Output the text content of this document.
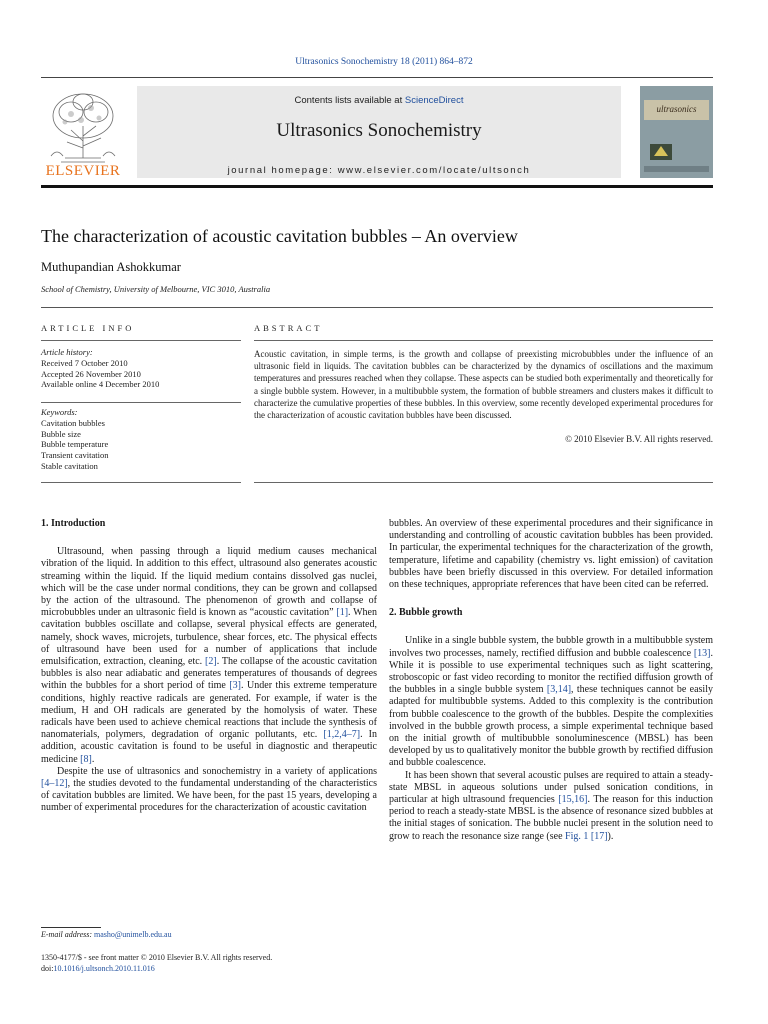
Ultrasonics Sonochemistry 18 (2011) 864–872
ELSEVIER
Contents lists available at ScienceDirect
Ultrasonics Sonochemistry
journal homepage: www.elsevier.com/locate/ultsonch
ultrasonics
The characterization of acoustic cavitation bubbles – An overview
Muthupandian Ashokkumar
School of Chemistry, University of Melbourne, VIC 3010, Australia
ARTICLE INFO	ABSTRACT
Article history:
Received 7 October 2010
Accepted 26 November 2010
Available online 4 December 2010
Keywords:
Cavitation bubbles
Bubble size
Bubble temperature
Transient cavitation
Stable cavitation
Acoustic cavitation, in simple terms, is the growth and collapse of preexisting microbubbles under the influence of an ultrasonic field in liquids. The cavitation bubbles can be characterized by the dynamics of oscillations and the maximum temperatures and pressures reached when they collapse. These aspects can be studied both experimentally and theoretically for a single bubble system. However, in a multibubble system, the formation of bubble streamers and clusters makes it difficult to characterize the cumulative properties of these bubbles. In this overview, some recently developed experimental procedures for the characterization of acoustic cavitation bubbles have been discussed.
© 2010 Elsevier B.V. All rights reserved.
1. Introduction

Ultrasound, when passing through a liquid medium causes mechanical vibration of the liquid. In addition to this effect, ultrasound also generates acoustic streaming within the liquid. If the liquid medium contains dissolved gas nuclei, which will be the case under normal conditions, they can be grown and collapsed by the action of the ultrasound. The phenomenon of growth and collapse of microbubbles under an ultrasonic field is known as “acoustic cavitation” [1]. When cavitation bubbles oscillate and collapse, several physical effects are generated, namely, shock waves, microjets, turbulence, shear forces, etc. The physical effects of ultrasound have been used for a number of applications that include emulsification, extraction, cleaning, etc. [2]. The collapse of the acoustic cavitation bubbles is also near adiabatic and generates temperatures of thousands of degrees within the bubbles for a short period of time [3]. Under this extreme temperature conditions, highly reactive radicals are generated. For example, if water is the medium, H and OH radicals are generated by the homolysis of water. These radicals have been used to achieve chemical reactions that include the synthesis of nanomaterials, polymers, degradation of organic pollutants, etc. [1,2,4–7]. In addition, acoustic cavitation is found to be useful in diagnostic and therapeutic medicine [8].

Despite the use of ultrasonics and sonochemistry in a variety of applications [4–12], the studies devoted to the fundamental understanding of the characteristics of cavitation bubbles are limited. We have been, for the past 15 years, developing a number of experimental procedures for the characterization of acoustic cavitation

bubbles. An overview of these experimental procedures and their significance in understanding and controlling of acoustic cavitation bubbles has been provided. In particular, the experimental techniques for the characterization of the growth, temperature, lifetime and capability (chemistry vs. light emission) of cavitation bubbles have been briefly discussed in this overview. For detailed information on these techniques, appropriate references that have been cited can be referred.

2. Bubble growth

Unlike in a single bubble system, the bubble growth in a multibubble system involves two processes, namely, rectified diffusion and bubble coalescence [13]. While it is possible to use experimental techniques such as light scattering, stroboscopic or fast video recording to monitor the rectified diffusion growth of the bubbles in a single bubble system [3,14], these techniques cannot be easily adapted for multibubble systems. Added to this complexity is the contribution from bubble coalescence to the growth of the bubbles. Despite the complexities involved in the bubble growth process, a simple experimental technique based on the initial growth of multibubble sonoluminescence (MBSL) has been developed by us to qualitatively monitor the bubble growth by rectified diffusion and bubble coalescence.

It has been shown that several acoustic pulses are required to attain a steady-state MBSL in aqueous solutions under pulsed sonication conditions, in particular at high ultrasound frequencies [15,16]. The reason for this induction period to reach a steady-state MBSL is the absence of resonance sized bubbles at the initial stages of sonication. The bubble nuclei present in the solution need to grow to reach the resonance size range (see Fig. 1 [17]).

E-mail address: masho@unimelb.edu.au
1350-4177/$ - see front matter © 2010 Elsevier B.V. All rights reserved.
doi:10.1016/j.ultsonch.2010.11.016
